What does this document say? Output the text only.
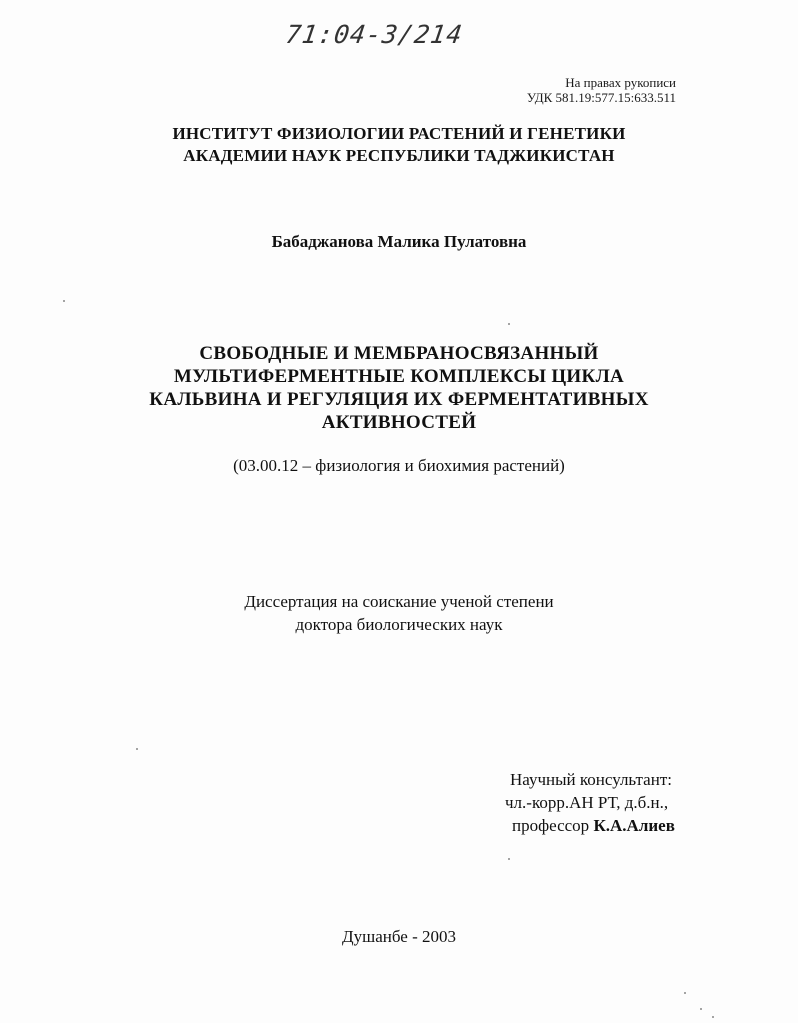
71:04-3/214
На правах рукописи
УДК 581.19:577.15:633.511
ИНСТИТУТ ФИЗИОЛОГИИ РАСТЕНИЙ И ГЕНЕТИКИ
АКАДЕМИИ НАУК РЕСПУБЛИКИ ТАДЖИКИСТАН
Бабаджанова Малика Пулатовна
СВОБОДНЫЕ И МЕМБРАНОСВЯЗАННЫЙ
МУЛЬТИФЕРМЕНТНЫЕ КОМПЛЕКСЫ ЦИКЛА
КАЛЬВИНА И РЕГУЛЯЦИЯ ИХ ФЕРМЕНТАТИВНЫХ
АКТИВНОСТЕЙ
(03.00.12 – физиология и биохимия растений)
Диссертация на соискание ученой степени
доктора биологических наук
Научный консультант:
чл.-корр.АН РТ, д.б.н.,
профессор К.А.Алиев
Душанбе - 2003
